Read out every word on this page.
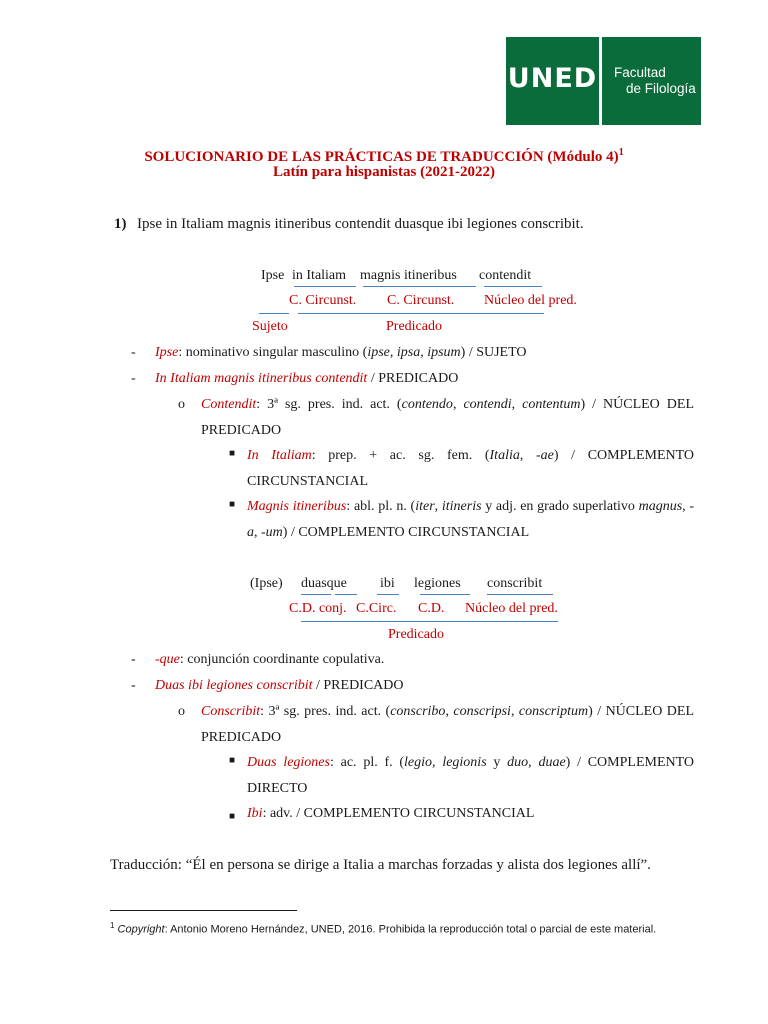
UNED Facultad
de Filología
SOLUCIONARIO DE LAS PRÁCTICAS DE TRADUCCIÓN (Módulo 4)$^1$
Latín para hispanistas (2021-2022)
1) Ipse in Italiam magnis itineribus contendit duasque ibi legiones conscribit.
Ipse in Italiam magnis itineribus contendit
C. Circunst. C. Circunst. Núcleo del pred.
Sujeto	Predicado
- Ipse: nominativo singular masculino (ipse, ipsa, ipsum) / SUJETO
- In Italiam magnis itineribus contendit / PREDICADO
o Contendit: 3ª sg. pres. ind. act. (contendo, contendi, contentum) / NÚCLEO DEL PREDICADO
■ In Italiam: prep. + ac. sg. fem. (Italia, -ae) / COMPLEMENTO CIRCUNSTANCIAL
■ Magnis itineribus: abl. pl. n. (iter, itineris y adj. en grado superlativo magnus, -a, -um) / COMPLEMENTO CIRCUNSTANCIAL
(Ipse) duasque ibi legiones conscribit
C.D. conj. C.Circ. C.D. Núcleo del pred.
Predicado
- -que: conjunción coordinante copulativa.
- Duas ibi legiones conscribit / PREDICADO
o Conscribit: 3ª sg. pres. ind. act. (conscribo, conscripsi, conscriptum) / NÚCLEO DEL PREDICADO
■ Duas legiones: ac. pl. f. (legio, legionis y duo, duae) / COMPLEMENTO DIRECTO
■ Ibi: adv. / COMPLEMENTO CIRCUNSTANCIAL
Traducción: “Él en persona se dirige a Italia a marchas forzadas y alista dos legiones allí”.
$^1$ Copyright: Antonio Moreno Hernández, UNED, 2016. Prohibida la reproducción total o parcial de este material.
